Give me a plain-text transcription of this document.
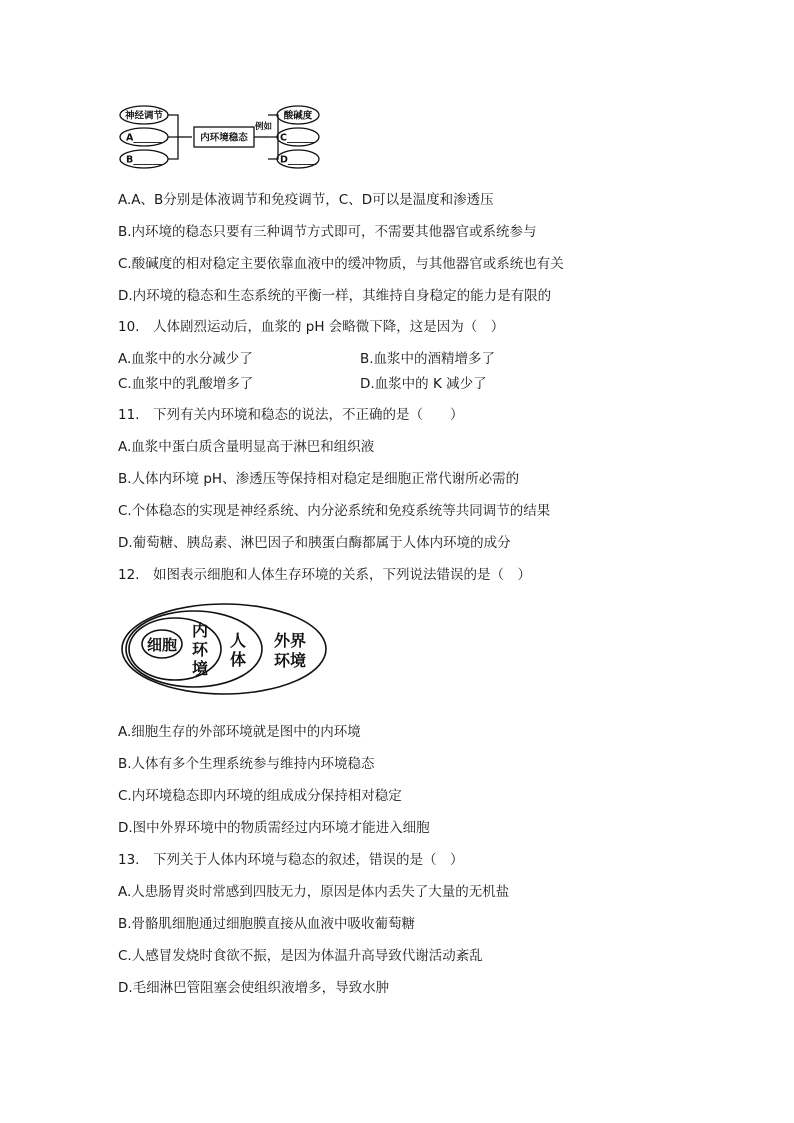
神经调节
A______
B______
内环境稳态
例如
酸碱度
C______
D______

A.A、B分别是体液调节和免疫调节，C、D可以是温度和渗透压

B.内环境的稳态只要有三种调节方式即可，不需要其他器官或系统参与

C.酸碱度的相对稳定主要依靠血液中的缓冲物质，与其他器官或系统也有关

D.内环境的稳态和生态系统的平衡一样，其维持自身稳定的能力是有限的

10.　人体剧烈运动后，血浆的 pH 会略微下降，这是因为（　）

A.血浆中的水分减少了	B.血浆中的酒精增多了

C.血浆中的乳酸增多了	D.血浆中的 K 减少了

11.　下列有关内环境和稳态的说法，不正确的是（　　）

A.血浆中蛋白质含量明显高于淋巴和组织液

B.人体内环境 pH、渗透压等保持相对稳定是细胞正常代谢所必需的

C.个体稳态的实现是神经系统、内分泌系统和免疫系统等共同调节的结果

D.葡萄糖、胰岛素、淋巴因子和胰蛋白酶都属于人体内环境的成分

12.　如图表示细胞和人体生存环境的关系，下列说法错误的是（　）

细胞
内
环
境
人
体
外界
环境

A.细胞生存的外部环境就是图中的内环境

B.人体有多个生理系统参与维持内环境稳态

C.内环境稳态即内环境的组成成分保持相对稳定

D.图中外界环境中的物质需经过内环境才能进入细胞

13.　下列关于人体内环境与稳态的叙述，错误的是（　）

A.人患肠胃炎时常感到四肢无力，原因是体内丢失了大量的无机盐

B.骨骼肌细胞通过细胞膜直接从血液中吸收葡萄糖

C.人感冒发烧时食欲不振，是因为体温升高导致代谢活动紊乱

D.毛细淋巴管阻塞会使组织液增多，导致水肿
